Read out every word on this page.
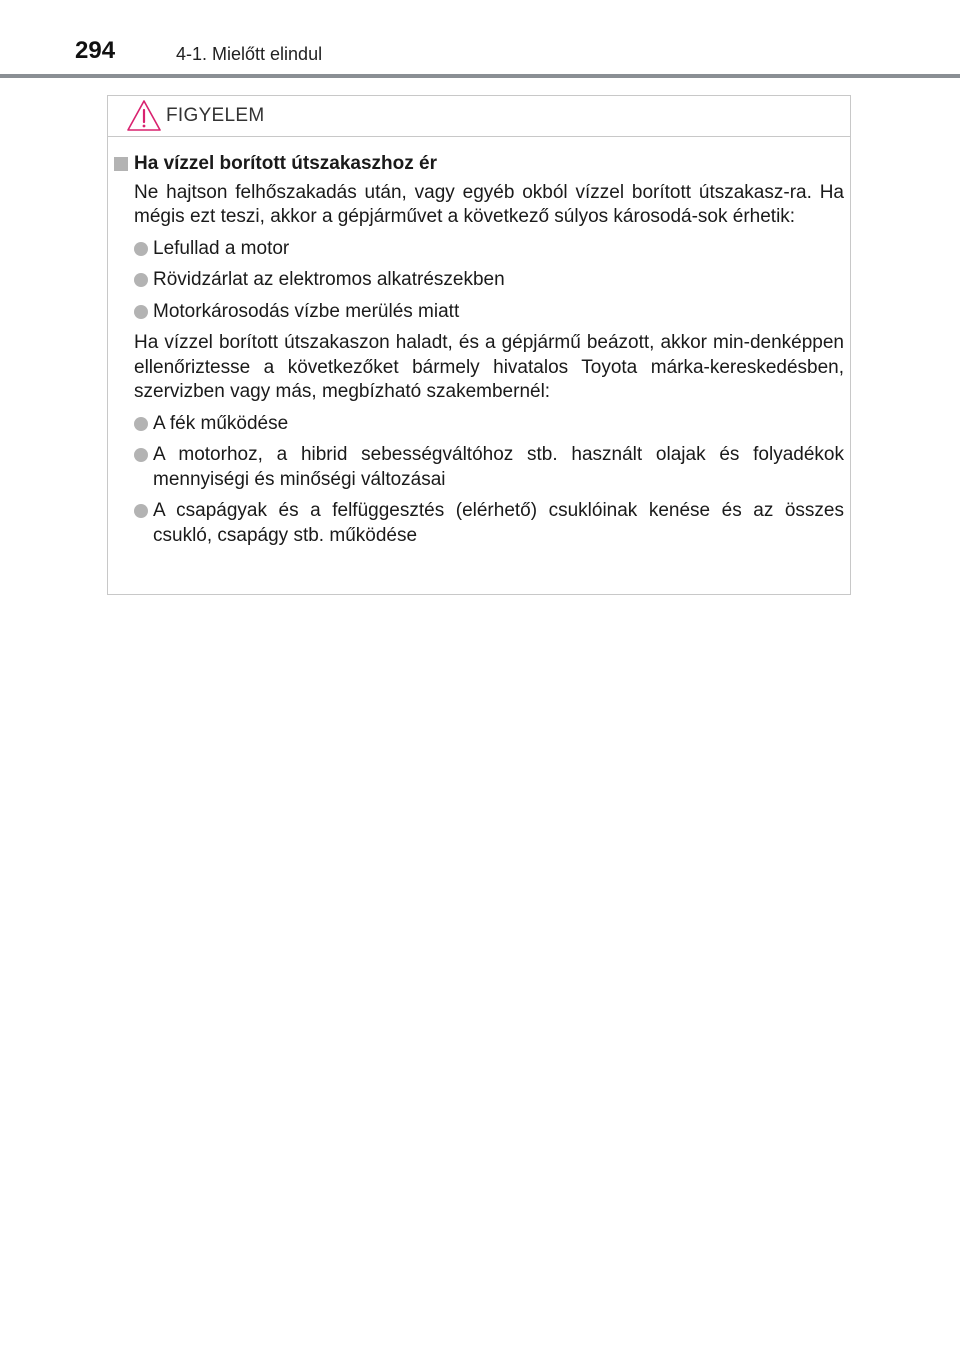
294	4-1. Mielőtt elindul
FIGYELEM
Ha vízzel borított útszakaszhoz ér

Ne hajtson felhőszakadás után, vagy egyéb okból vízzel borított útszakasz-ra. Ha mégis ezt teszi, akkor a gépjárművet a következő súlyos károsodá-sok érhetik:

Lefullad a motor
Rövidzárlat az elektromos alkatrészekben
Motorkárosodás vízbe merülés miatt

Ha vízzel borított útszakaszon haladt, és a gépjármű beázott, akkor min-denképpen ellenőriztesse a következőket bármely hivatalos Toyota márka-kereskedésben, szervizben vagy más, megbízható szakembernél:

A fék működése
A motorhoz, a hibrid sebességváltóhoz stb. használt olajak és folyadékok mennyiségi és minőségi változásai
A csapágyak és a felfüggesztés (elérhető) csuklóinak kenése és az összes csukló, csapágy stb. működése
